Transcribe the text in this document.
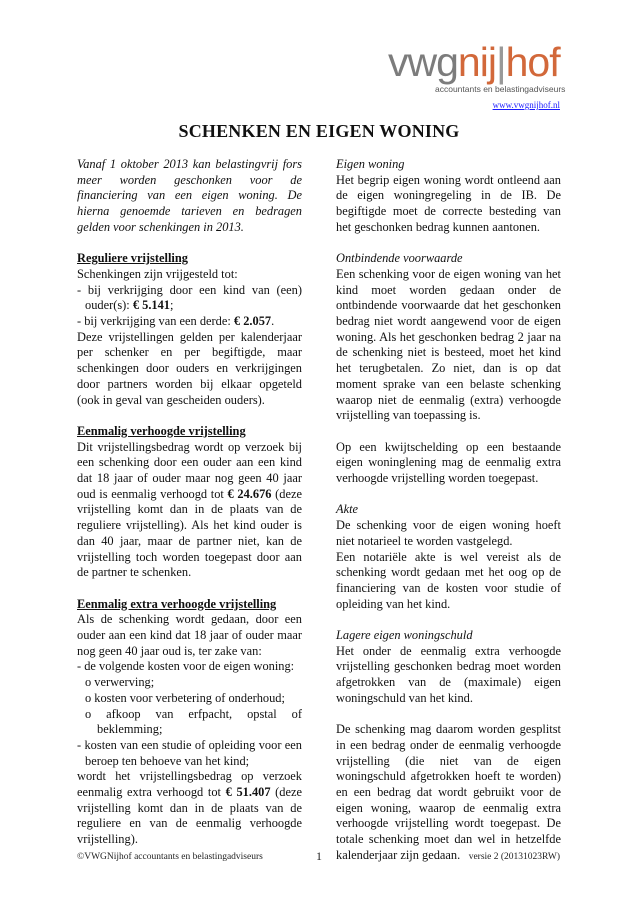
vwgnij|hof
accountants en belastingadviseurs
www.vwgnijhof.nl
SCHENKEN EN EIGEN WONING

Vanaf 1 oktober 2013 kan belastingvrij fors meer worden geschonken voor de financiering van een eigen woning. De hierna genoemde tarieven en bedragen gelden voor schenkingen in 2013.

Reguliere vrijstelling

Schenkingen zijn vrijgesteld tot:

- bij verkrijging door een kind van (een) ouder(s): € 5.141;

- bij verkrijging van een derde: € 2.057.

Deze vrijstellingen gelden per kalenderjaar per schenker en per begiftigde, maar schenkingen door ouders en verkrijgingen door partners worden bij elkaar opgeteld (ook in geval van gescheiden ouders).

Eenmalig verhoogde vrijstelling

Dit vrijstellingsbedrag wordt op verzoek bij een schenking door een ouder aan een kind dat 18 jaar of ouder maar nog geen 40 jaar oud is eenmalig verhoogd tot € 24.676 (deze vrijstelling komt dan in de plaats van de reguliere vrijstelling). Als het kind ouder is dan 40 jaar, maar de partner niet, kan de vrijstelling toch worden toegepast door aan de partner te schenken.

Eenmalig extra verhoogde vrijstelling

Als de schenking wordt gedaan, door een ouder aan een kind dat 18 jaar of ouder maar nog geen 40 jaar oud is, ter zake van:

- de volgende kosten voor de eigen woning:

o verwerving;

o kosten voor verbetering of onderhoud;

o afkoop van erfpacht, opstal of beklemming;

- kosten van een studie of opleiding voor een beroep ten behoeve van het kind;

wordt het vrijstellingsbedrag op verzoek eenmalig extra verhoogd tot € 51.407 (deze vrijstelling komt dan in de plaats van de reguliere en van de eenmalig verhoogde vrijstelling).

Eigen woning

Het begrip eigen woning wordt ontleend aan de eigen woningregeling in de IB. De begiftigde moet de correcte besteding van het geschonken bedrag kunnen aantonen.

Ontbindende voorwaarde

Een schenking voor de eigen woning van het kind moet worden gedaan onder de ontbindende voorwaarde dat het geschonken bedrag niet wordt aangewend voor de eigen woning. Als het geschonken bedrag 2 jaar na de schenking niet is besteed, moet het kind het terugbetalen. Zo niet, dan is op dat moment sprake van een belaste schenking waarop niet de eenmalig (extra) verhoogde vrijstelling van toepassing is.

Op een kwijtschelding op een bestaande eigen woninglening mag de eenmalig extra verhoogde vrijstelling worden toegepast.

Akte

De schenking voor de eigen woning hoeft niet notarieel te worden vastgelegd.

Een notariële akte is wel vereist als de schenking wordt gedaan met het oog op de financiering van de kosten voor studie of opleiding van het kind.

Lagere eigen woningschuld

Het onder de eenmalig extra verhoogde vrijstelling geschonken bedrag moet worden afgetrokken van de (maximale) eigen woningschuld van het kind.

De schenking mag daarom worden gesplitst in een bedrag onder de eenmalig verhoogde vrijstelling (die niet van de eigen woningschuld afgetrokken hoeft te worden) en een bedrag dat wordt gebruikt voor de eigen woning, waarop de eenmalig extra verhoogde vrijstelling wordt toegepast. De totale schenking moet dan wel in hetzelfde kalenderjaar zijn gedaan.

©VWGNijhof accountants en belastingadviseurs	1	versie 2 (20131023RW)
